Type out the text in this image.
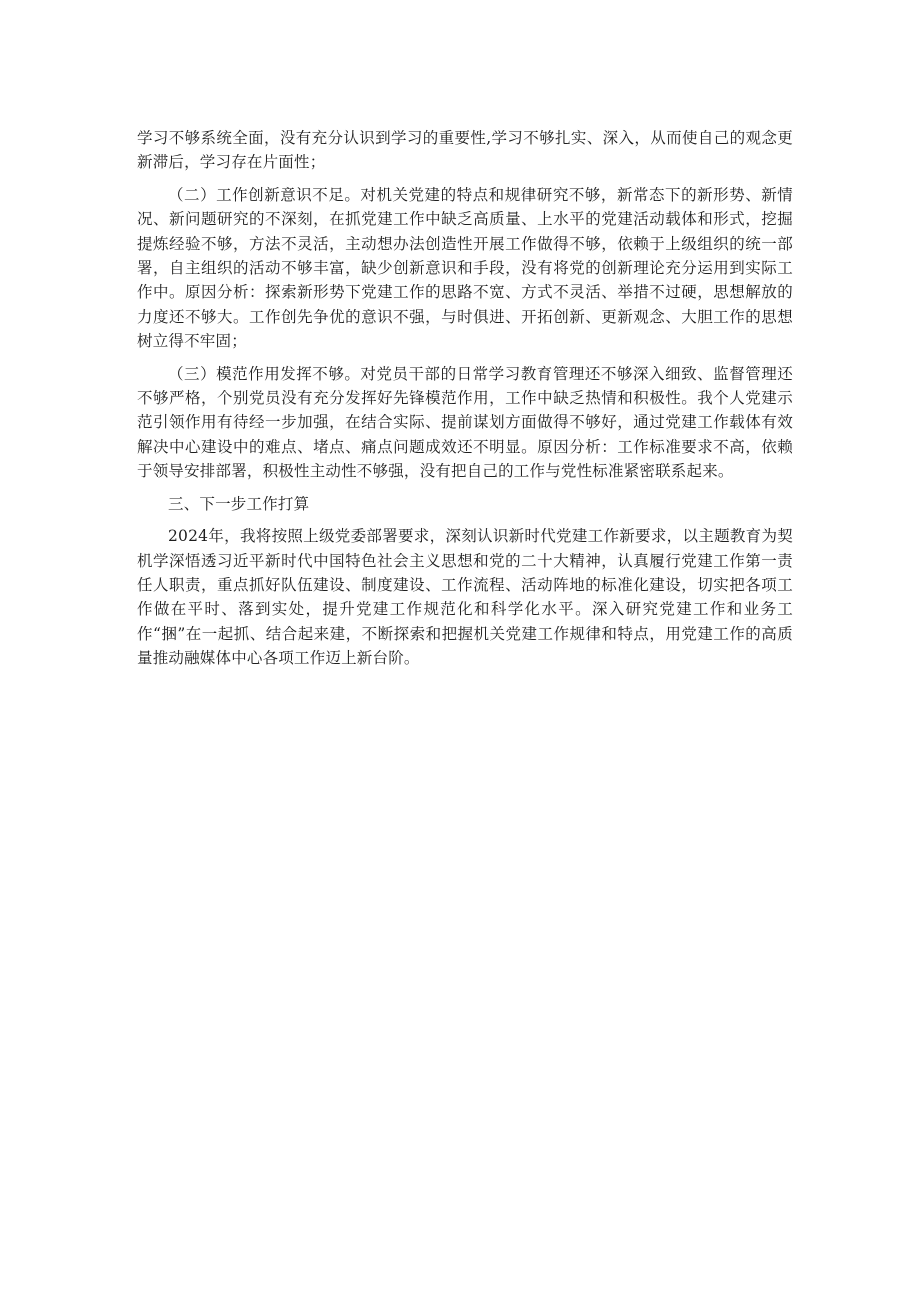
学习不够系统全面，没有充分认识到学习的重要性,学习不够扎实、深入，从而使自己的观念更新滞后，学习存在片面性；

（二）工作创新意识不足。对机关党建的特点和规律研究不够，新常态下的新形势、新情况、新问题研究的不深刻，在抓党建工作中缺乏高质量、上水平的党建活动载体和形式，挖掘提炼经验不够，方法不灵活，主动想办法创造性开展工作做得不够，依赖于上级组织的统一部署，自主组织的活动不够丰富，缺少创新意识和手段，没有将党的创新理论充分运用到实际工作中。原因分析：探索新形势下党建工作的思路不宽、方式不灵活、举措不过硬，思想解放的力度还不够大。工作创先争优的意识不强，与时俱进、开拓创新、更新观念、大胆工作的思想树立得不牢固；

（三）模范作用发挥不够。对党员干部的日常学习教育管理还不够深入细致、监督管理还不够严格，个别党员没有充分发挥好先锋模范作用，工作中缺乏热情和积极性。我个人党建示范引领作用有待经一步加强，在结合实际、提前谋划方面做得不够好，通过党建工作载体有效解决中心建设中的难点、堵点、痛点问题成效还不明显。原因分析：工作标准要求不高，依赖于领导安排部署，积极性主动性不够强，没有把自己的工作与党性标准紧密联系起来。

三、下一步工作打算

2024年，我将按照上级党委部署要求，深刻认识新时代党建工作新要求，以主题教育为契机学深悟透习近平新时代中国特色社会主义思想和党的二十大精神，认真履行党建工作第一责任人职责，重点抓好队伍建设、制度建设、工作流程、活动阵地的标准化建设，切实把各项工作做在平时、落到实处，提升党建工作规范化和科学化水平。深入研究党建工作和业务工作“捆”在一起抓、结合起来建，不断探索和把握机关党建工作规律和特点，用党建工作的高质量推动融媒体中心各项工作迈上新台阶。
